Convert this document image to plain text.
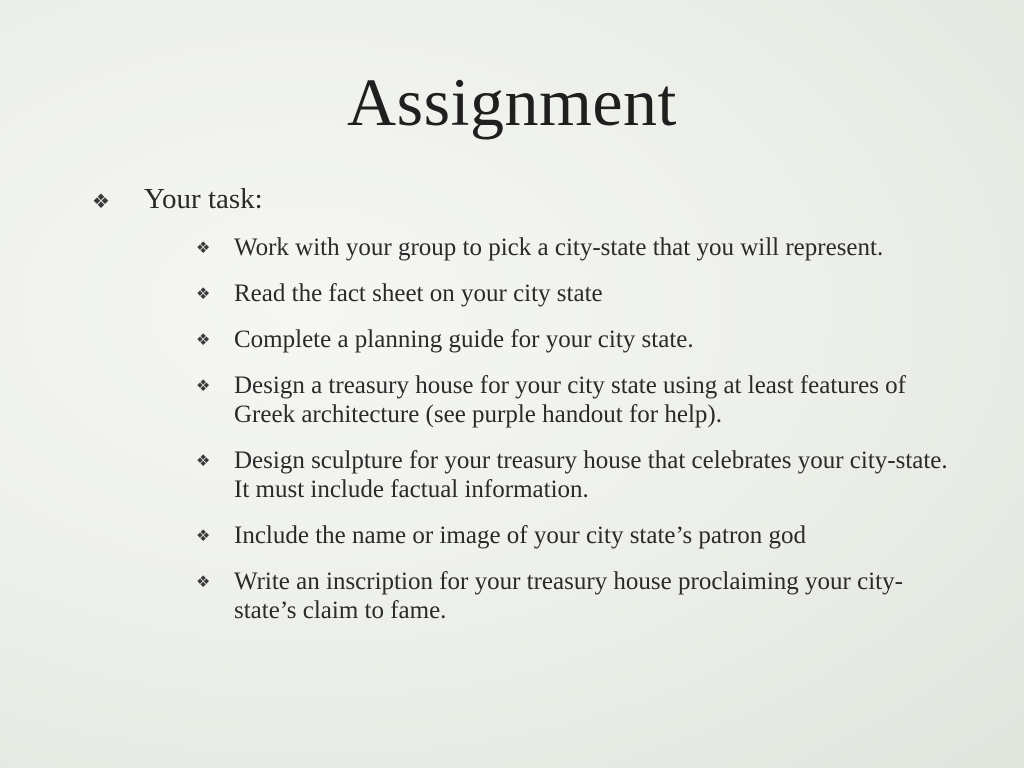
Assignment
❖	Your task:
❖ Work with your group to pick a city-state that you will represent.
❖ Read the fact sheet on your city state
❖ Complete a planning guide for your city state.
❖ Design a treasury house for your city state using at least features of Greek architecture (see purple handout for help).
❖ Design sculpture for your treasury house that celebrates your city-state. It must include factual information.
❖ Include the name or image of your city state’s patron god
❖ Write an inscription for your treasury house proclaiming your city-state’s claim to fame.
